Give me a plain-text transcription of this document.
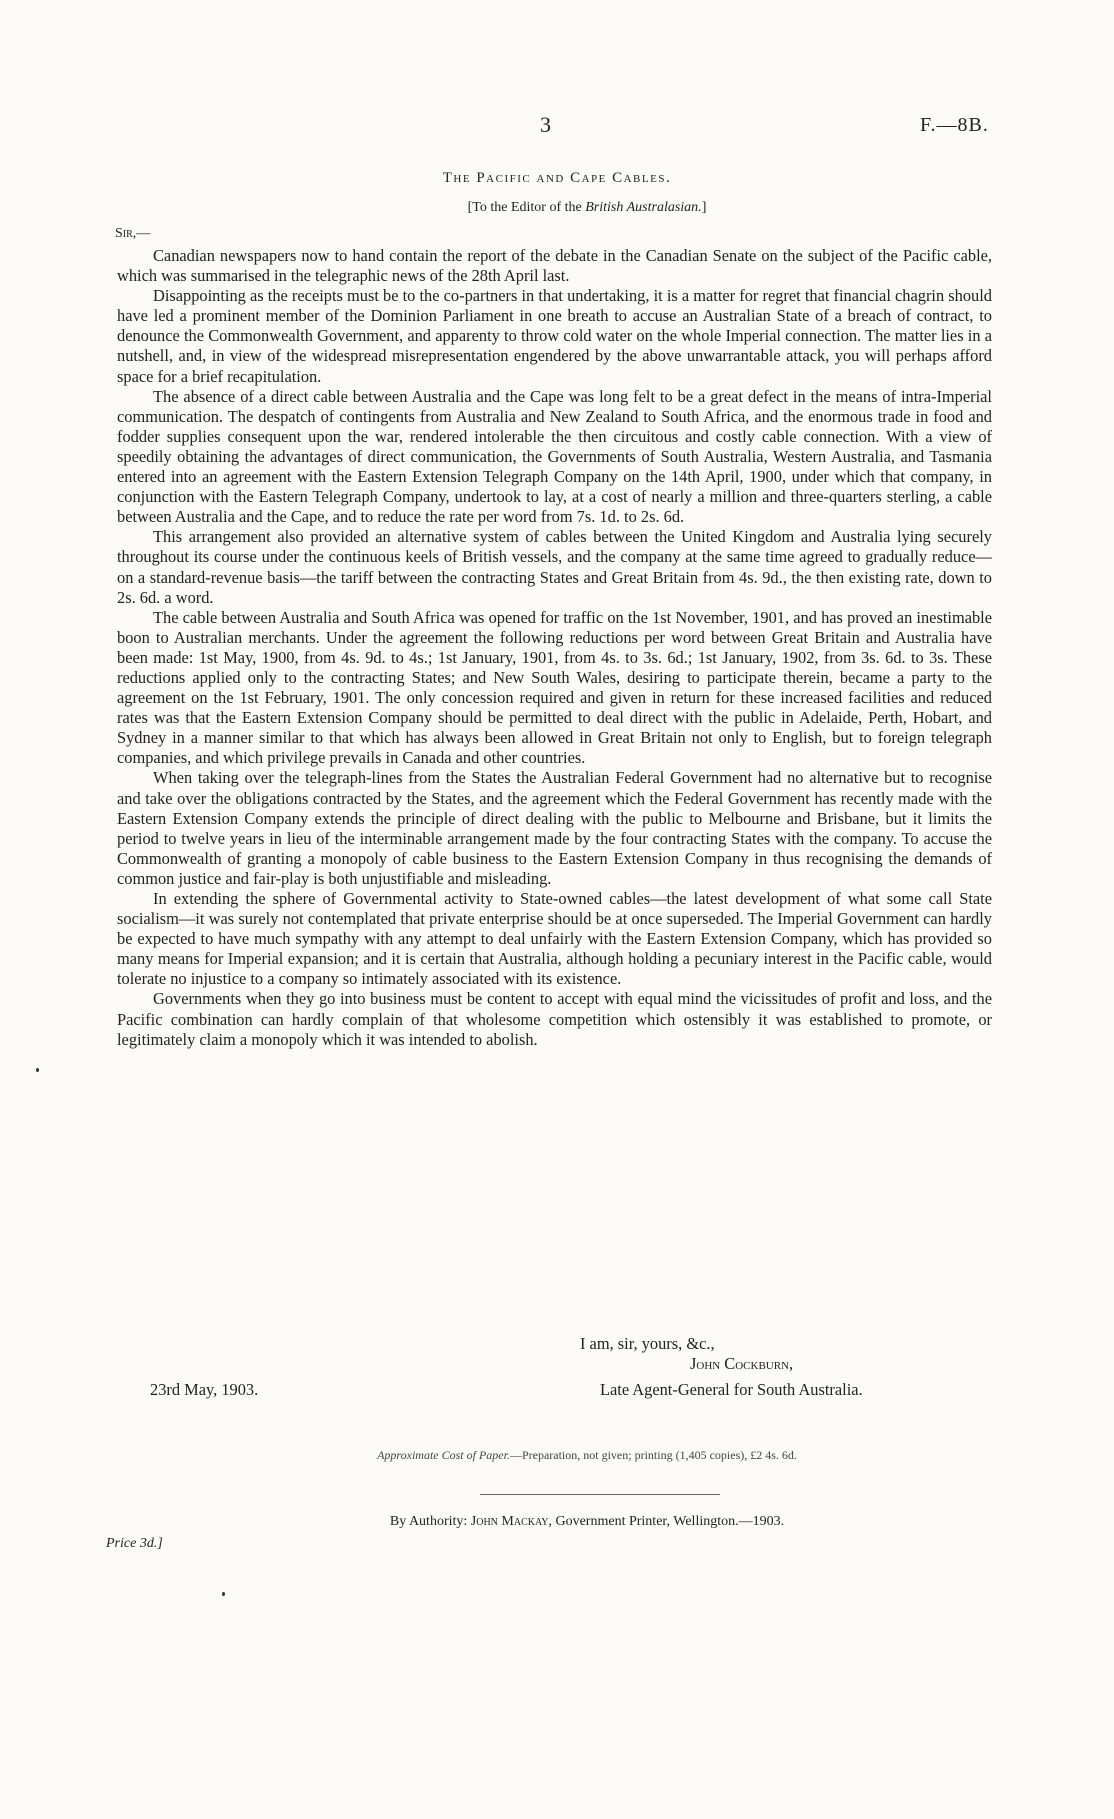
3	F.—8B.
The Pacific and Cape Cables.
[To the Editor of the British Australasian.]
Sir,—

Canadian newspapers now to hand contain the report of the debate in the Canadian Senate on the subject of the Pacific cable, which was summarised in the telegraphic news of the 28th April last.

Disappointing as the receipts must be to the co-partners in that undertaking, it is a matter for regret that financial chagrin should have led a prominent member of the Dominion Parliament in one breath to accuse an Australian State of a breach of contract, to denounce the Commonwealth Government, and apparenty to throw cold water on the whole Imperial connection. The matter lies in a nutshell, and, in view of the widespread misrepresentation engendered by the above unwarrantable attack, you will perhaps afford space for a brief recapitulation.

The absence of a direct cable between Australia and the Cape was long felt to be a great defect in the means of intra-Imperial communication. The despatch of contingents from Australia and New Zealand to South Africa, and the enormous trade in food and fodder supplies consequent upon the war, rendered intolerable the then circuitous and costly cable connection. With a view of speedily obtaining the advantages of direct communication, the Governments of South Australia, Western Australia, and Tasmania entered into an agreement with the Eastern Extension Telegraph Company on the 14th April, 1900, under which that company, in conjunction with the Eastern Telegraph Company, undertook to lay, at a cost of nearly a million and three-quarters sterling, a cable between Australia and the Cape, and to reduce the rate per word from 7s. 1d. to 2s. 6d.

This arrangement also provided an alternative system of cables between the United Kingdom and Australia lying securely throughout its course under the continuous keels of British vessels, and the company at the same time agreed to gradually reduce—on a standard-revenue basis—the tariff between the contracting States and Great Britain from 4s. 9d., the then existing rate, down to 2s. 6d. a word.

The cable between Australia and South Africa was opened for traffic on the 1st November, 1901, and has proved an inestimable boon to Australian merchants. Under the agreement the following reductions per word between Great Britain and Australia have been made: 1st May, 1900, from 4s. 9d. to 4s.; 1st January, 1901, from 4s. to 3s. 6d.; 1st January, 1902, from 3s. 6d. to 3s. These reductions applied only to the contracting States; and New South Wales, desiring to participate therein, became a party to the agreement on the 1st February, 1901. The only concession required and given in return for these increased facilities and reduced rates was that the Eastern Extension Company should be permitted to deal direct with the public in Adelaide, Perth, Hobart, and Sydney in a manner similar to that which has always been allowed in Great Britain not only to English, but to foreign telegraph companies, and which privilege prevails in Canada and other countries.

When taking over the telegraph-lines from the States the Australian Federal Government had no alternative but to recognise and take over the obligations contracted by the States, and the agreement which the Federal Government has recently made with the Eastern Extension Company extends the principle of direct dealing with the public to Melbourne and Brisbane, but it limits the period to twelve years in lieu of the interminable arrangement made by the four contracting States with the company. To accuse the Commonwealth of granting a monopoly of cable business to the Eastern Extension Company in thus recognising the demands of common justice and fair-play is both unjustifiable and misleading.

In extending the sphere of Governmental activity to State-owned cables—the latest development of what some call State socialism—it was surely not contemplated that private enterprise should be at once superseded. The Imperial Government can hardly be expected to have much sympathy with any attempt to deal unfairly with the Eastern Extension Company, which has provided so many means for Imperial expansion; and it is certain that Australia, although holding a pecuniary interest in the Pacific cable, would tolerate no injustice to a company so intimately associated with its existence.

Governments when they go into business must be content to accept with equal mind the vicissitudes of profit and loss, and the Pacific combination can hardly complain of that wholesome competition which ostensibly it was established to promote, or legitimately claim a monopoly which it was intended to abolish.

I am, sir, yours, &c.,
John Cockburn,
Late Agent-General for South Australia.
23rd May, 1903.
Approximate Cost of Paper.—Preparation, not given; printing (1,405 copies), £2 4s. 6d.
By Authority: John Mackay, Government Printer, Wellington.—1903.
Price 3d.]
